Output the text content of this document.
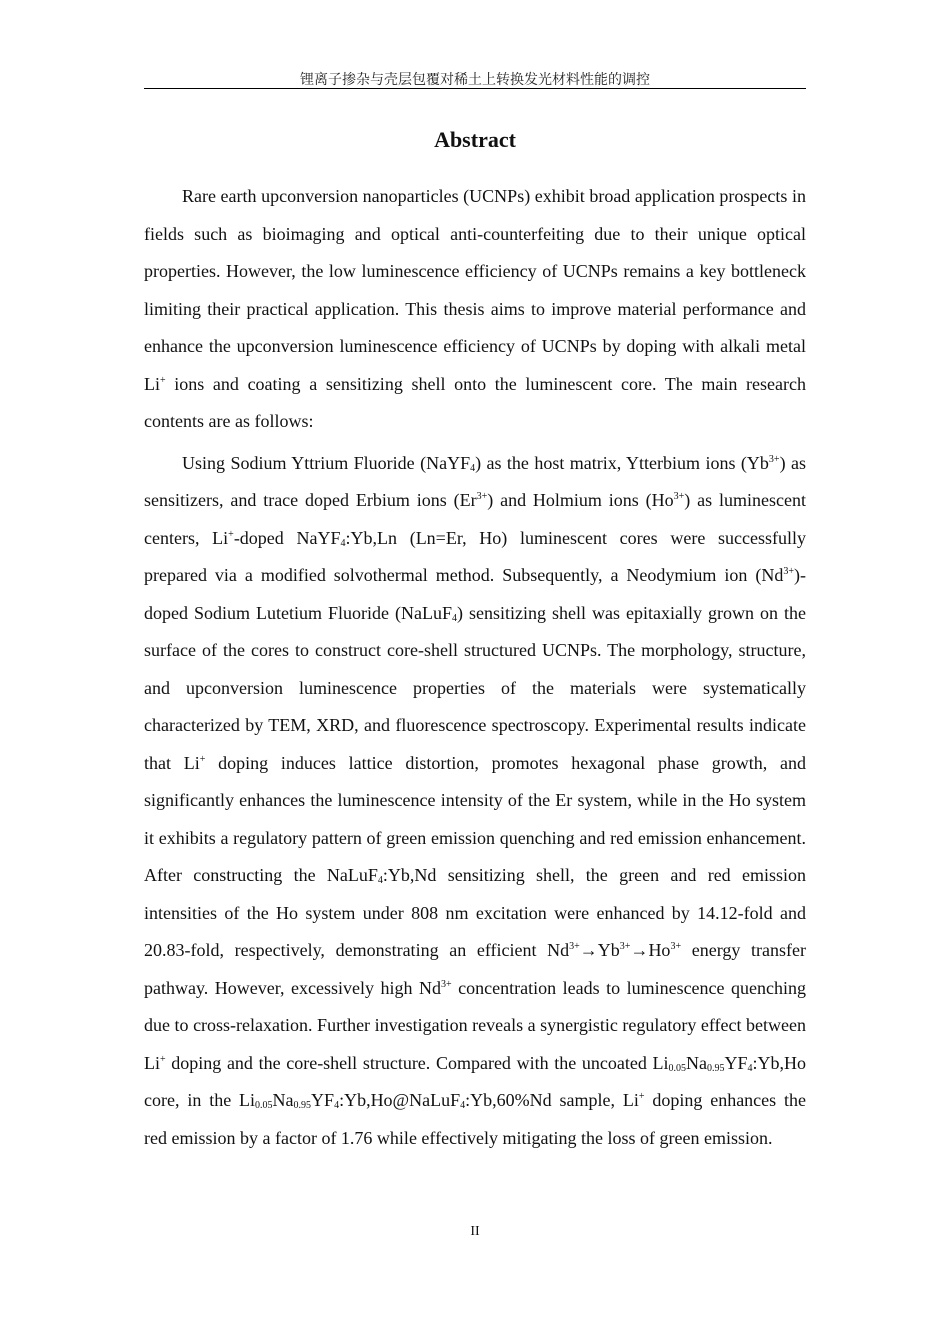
锂离子掺杂与壳层包覆对稀土上转换发光材料性能的调控
Abstract

Rare earth upconversion nanoparticles (UCNPs) exhibit broad application prospects in fields such as bioimaging and optical anti-counterfeiting due to their unique optical properties. However, the low luminescence efficiency of UCNPs remains a key bottleneck limiting their practical application. This thesis aims to improve material performance and enhance the upconversion luminescence efficiency of UCNPs by doping with alkali metal Li+ ions and coating a sensitizing shell onto the luminescent core. The main research contents are as follows:

Using Sodium Yttrium Fluoride (NaYF$_4$) as the host matrix, Ytterbium ions $(Yb^{3+})$ as sensitizers, and trace doped Erbium ions $(Er^{3+})$ and Holmium ions $(Ho^{3+})$ as luminescent centers, Li+-doped NaYF$_4$:Yb,Ln (Ln=Er, Ho) luminescent cores were successfully prepared via a modified solvothermal method. Subsequently, a Neodymium ion $(Nd^{3+})$-doped Sodium Lutetium Fluoride (NaLuF$_4$) sensitizing shell was epitaxially grown on the surface of the cores to construct core-shell structured UCNPs. The morphology, structure, and upconversion luminescence properties of the materials were systematically characterized by TEM, XRD, and fluorescence spectroscopy. Experimental results indicate that Li+ doping induces lattice distortion, promotes hexagonal phase growth, and significantly enhances the luminescence intensity of the Er system, while in the Ho system it exhibits a regulatory pattern of green emission quenching and red emission enhancement. After constructing the NaLuF$_4$:Yb,Nd sensitizing shell, the green and red emission intensities of the Ho system under 808 nm excitation were enhanced by 14.12-fold and 20.83-fold, respectively, demonstrating an efficient $Nd^{3+}\to Yb^{3+}\to Ho^{3+}$ energy transfer pathway. However, excessively high $Nd^{3+}$ concentration leads to luminescence quenching due to cross-relaxation. Further investigation reveals a synergistic regulatory effect between Li+ doping and the core-shell structure. Compared with the uncoated $Li_{0.05}Na_{0.95}YF_4:Yb,Ho$ core, in the $Li_{0.05}Na_{0.95}YF_4:Yb,Ho@NaLuF_4:Yb,60\%Nd$ sample, Li+ doping enhances the red emission by a factor of 1.76 while effectively mitigating the loss of green emission.

II
